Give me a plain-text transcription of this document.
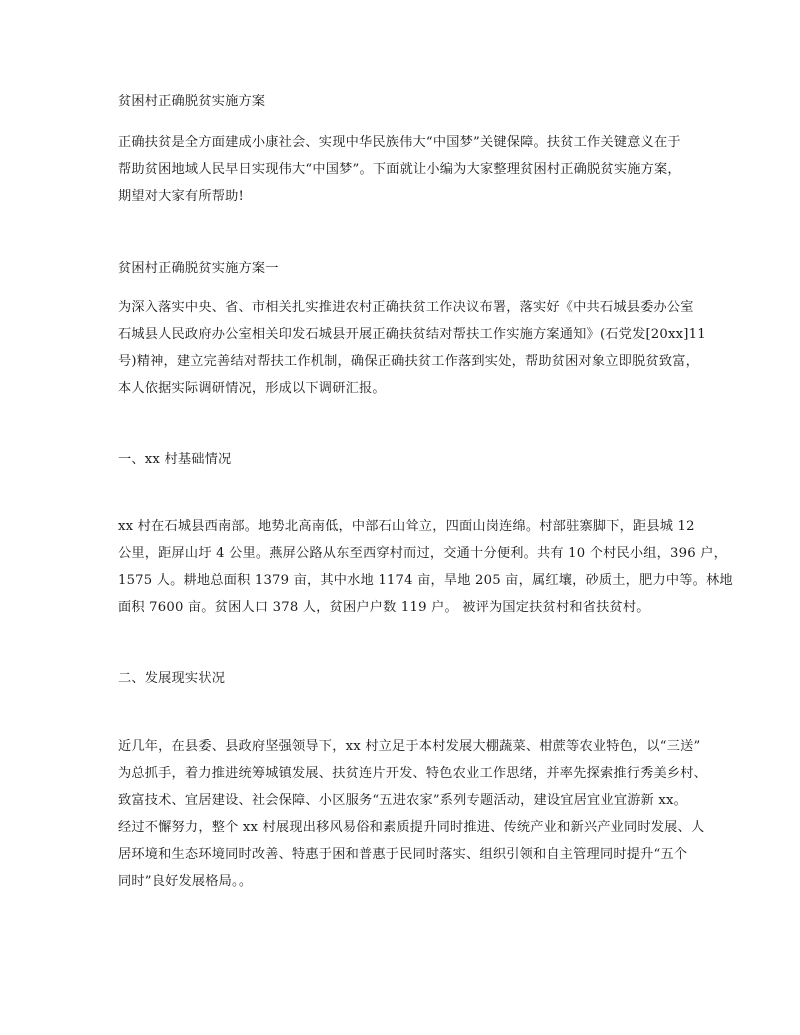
贫困村正确脱贫实施方案
正确扶贫是全方面建成小康社会、实现中华民族伟大“中国梦”关键保障。扶贫工作关键意义在于
帮助贫困地域人民早日实现伟大“中国梦”。下面就让小编为大家整理贫困村正确脱贫实施方案，
期望对大家有所帮助!
贫困村正确脱贫实施方案一
为深入落实中央、省、市相关扎实推进农村正确扶贫工作决议布署，落实好《中共石城县委办公室
石城县人民政府办公室相关印发石城县开展正确扶贫结对帮扶工作实施方案通知》(石党发[20xx]11
号)精神，建立完善结对帮扶工作机制，确保正确扶贫工作落到实处，帮助贫困对象立即脱贫致富，
本人依据实际调研情况，形成以下调研汇报。
一、xx 村基础情况
xx 村在石城县西南部。地势北高南低，中部石山耸立，四面山岗连绵。村部驻寨脚下，距县城 12
公里，距屏山圩 4 公里。燕屏公路从东至西穿村而过，交通十分便利。共有 10 个村民小组，396 户，
1575 人。耕地总面积 1379 亩，其中水地 1174 亩，旱地 205 亩，属红壤，砂质土，肥力中等。林地
面积 7600 亩。贫困人口 378 人，贫困户户数 119 户。 被评为国定扶贫村和省扶贫村。
二、发展现实状况
近几年，在县委、县政府坚强领导下，xx 村立足于本村发展大棚蔬菜、柑蔗等农业特色，以“三送”
为总抓手，着力推进统筹城镇发展、扶贫连片开发、特色农业工作思绪，并率先探索推行秀美乡村、
致富技术、宜居建设、社会保障、小区服务“五进农家”系列专题活动，建设宜居宜业宜游新 xx。
经过不懈努力，整个 xx 村展现出移风易俗和素质提升同时推进、传统产业和新兴产业同时发展、人
居环境和生态环境同时改善、特惠于困和普惠于民同时落实、组织引领和自主管理同时提升“五个
同时”良好发展格局。。
